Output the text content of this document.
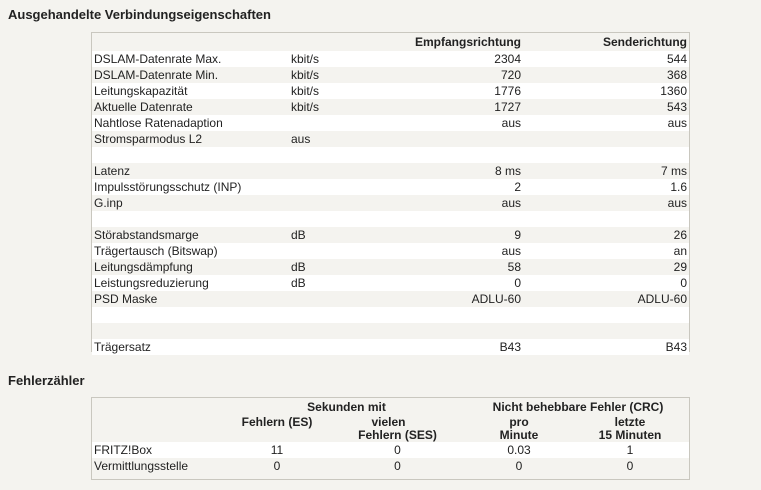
Ausgehandelte Verbindungseigenschaften
		Empfangsrichtung	Senderichtung
DSLAM-Datenrate Max.	kbit/s	2304	544
DSLAM-Datenrate Min.	kbit/s	720	368
Leitungskapazität	kbit/s	1776	1360
Aktuelle Datenrate	kbit/s	1727	543
Nahtlose Ratenadaption		aus	aus
Stromsparmodus L2	aus		

Latenz		8 ms	7 ms
Impulsstörungsschutz (INP)		2	1.6
G.inp		aus	aus

Störabstandsmarge	dB	9	26
Trägertausch (Bitswap)		aus	an
Leitungsdämpfung	dB	58	29
Leistungsreduzierung	dB	0	0
PSD Maske		ADLU-60	ADLU-60

Trägersatz		B43	B43
Fehlerzähler
	Sekunden mit		Nicht behebbare Fehler (CRC)	
	Fehlern (ES)	vielen	pro	letzte
		Fehlern (SES)	Minute	15 Minuten
FRITZ!Box	11	0	0.03	1
Vermittlungsstelle	0	0	0	0
